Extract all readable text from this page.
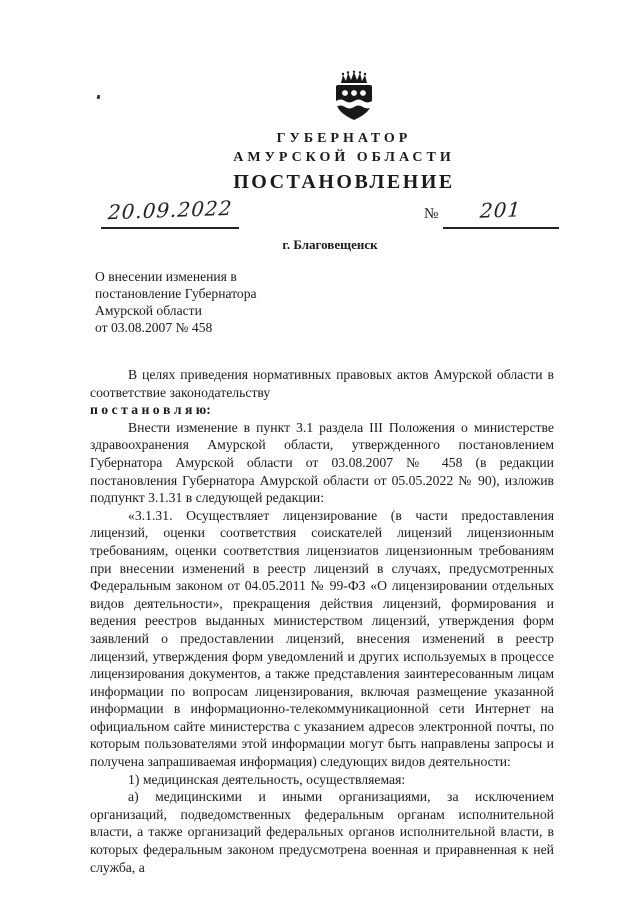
ГУБЕРНАТОР
АМУРСКОЙ ОБЛАСТИ
ПОСТАНОВЛЕНИЕ
20.09.2022	№	201
г. Благовещенск
О внесении изменения в
постановление Губернатора
Амурской области
от 03.08.2007 № 458

В целях приведения нормативных правовых актов Амурской области в соответствие законодательству

п о с т а н о в л я ю:

Внести изменение в пункт 3.1 раздела III Положения о министерстве здравоохранения Амурской области, утвержденного постановлением Губернатора Амурской области от 03.08.2007 № 458 (в редакции постановления Губернатора Амурской области от 05.05.2022 № 90), изложив подпункт 3.1.31 в следующей редакции:

«3.1.31. Осуществляет лицензирование (в части предоставления лицензий, оценки соответствия соискателей лицензий лицензионным требованиям, оценки соответствия лицензиатов лицензионным требованиям при внесении изменений в реестр лицензий в случаях, предусмотренных Федеральным законом от 04.05.2011 № 99-ФЗ «О лицензировании отдельных видов деятельности», прекращения действия лицензий, формирования и ведения реестров выданных министерством лицензий, утверждения форм заявлений о предоставлении лицензий, внесения изменений в реестр лицензий, утверждения форм уведомлений и других используемых в процессе лицензирования документов, а также представления заинтересованным лицам информации по вопросам лицензирования, включая размещение указанной информации в информационно-телекоммуникационной сети Интернет на официальном сайте министерства с указанием адресов электронной почты, по которым пользователями этой информации могут быть направлены запросы и получена запрашиваемая информация) следующих видов деятельности:

1) медицинская деятельность, осуществляемая:

а) медицинскими и иными организациями, за исключением организаций, подведомственных федеральным органам исполнительной власти, а также организаций федеральных органов исполнительной власти, в которых федеральным законом предусмотрена военная и приравненная к ней служба, а
